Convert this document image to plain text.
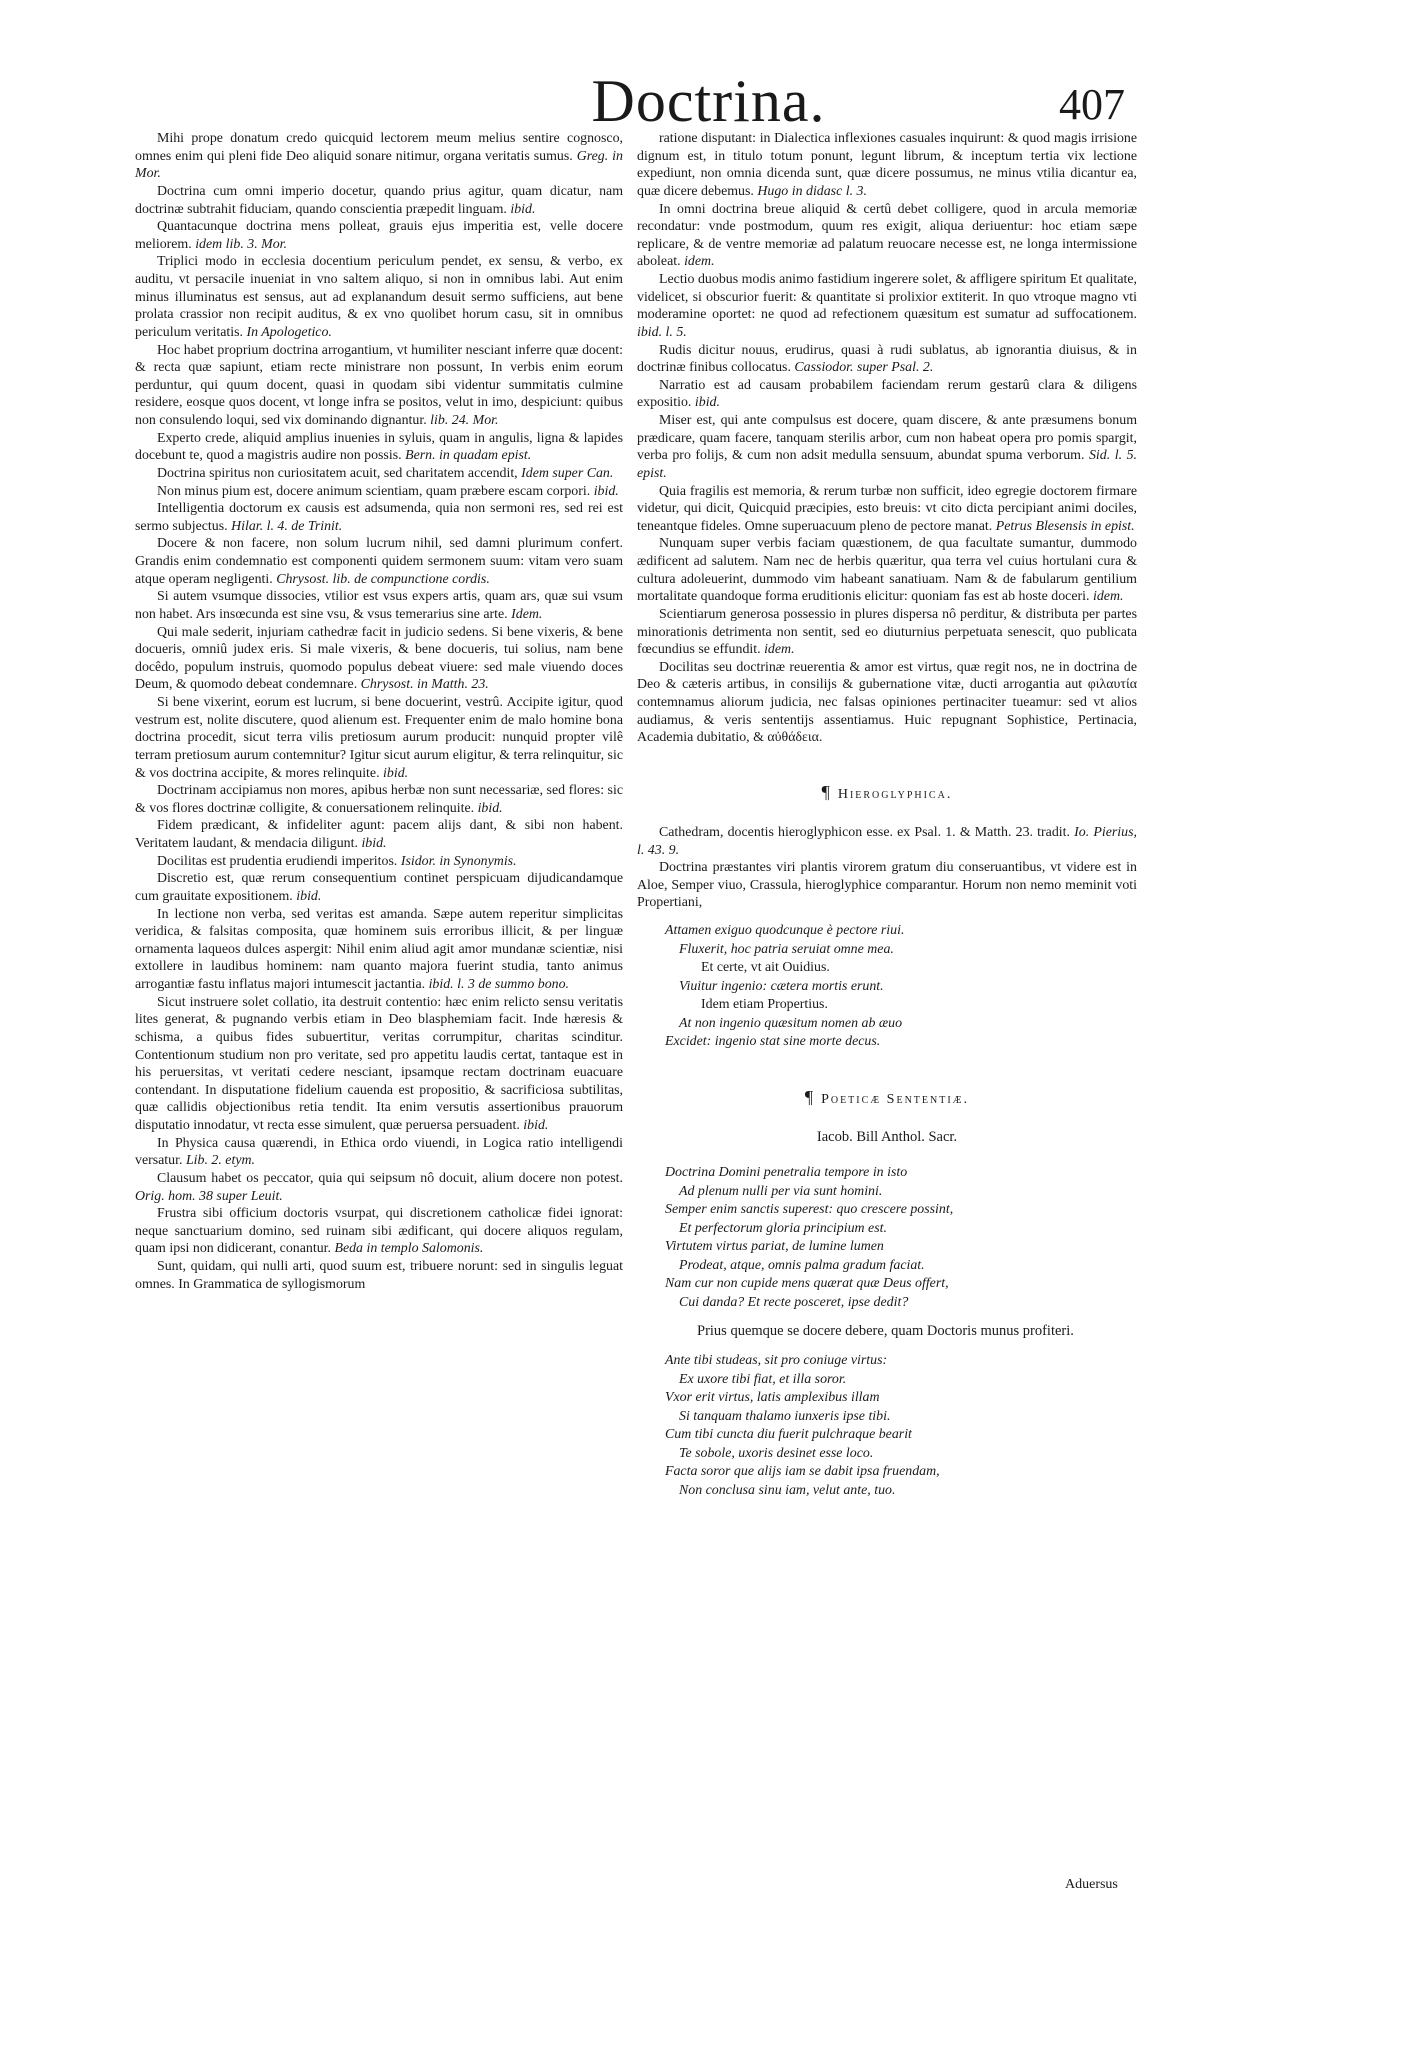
Doctrina.	407

Mihi prope donatum credo quicquid lectorem meum melius sentire cognosco, omnes enim qui pleni fide Deo aliquid sonare nitimur, organa veritatis sumus. Greg. in Mor.

Doctrina cum omni imperio docetur, quando prius agitur, quam dicatur, nam doctrinæ subtrahit fiduciam, quando conscientia præpedit linguam. ibid.

Quantacunque doctrina mens polleat, grauis ejus imperitia est, velle docere meliorem. idem lib. 3. Mor.

Triplici modo in ecclesia docentium periculum pendet, ex sensu, & verbo, ex auditu, vt persacile inueniat in vno saltem aliquo, si non in omnibus labi. Aut enim minus illuminatus est sensus, aut ad explanandum desuit sermo sufficiens, aut bene prolata crassior non recipit auditus, & ex vno quolibet horum casu, sit in omnibus periculum veritatis. In Apologetico.

Hoc habet proprium doctrina arrogantium, vt humiliter nesciant inferre quæ docent: & recta quæ sapiunt, etiam recte ministrare non possunt, In verbis enim eorum perduntur, qui quum docent, quasi in quodam sibi videntur summitatis culmine residere, eosque quos docent, vt longe infra se positos, velut in imo, despiciunt: quibus non consulendo loqui, sed vix dominando dignantur. lib. 24. Mor.

Experto crede, aliquid amplius inuenies in syluis, quam in angulis, ligna & lapides docebunt te, quod a magistris audire non possis. Bern. in quadam epist.

Doctrina spiritus non curiositatem acuit, sed charitatem accendit, Idem super Can.

Non minus pium est, docere animum scientiam, quam præbere escam corpori. ibid.

Intelligentia doctorum ex causis est adsumenda, quia non sermoni res, sed rei est sermo subjectus. Hilar. l. 4. de Trinit.

Docere & non facere, non solum lucrum nihil, sed damni plurimum confert. Grandis enim condemnatio est componenti quidem sermonem suum: vitam vero suam atque operam negligenti. Chrysost. lib. de compunctione cordis.

Si autem vsumque dissocies, vtilior est vsus expers artis, quam ars, quæ sui vsum non habet. Ars insœcunda est sine vsu, & vsus temerarius sine arte. Idem.

Qui male sederit, injuriam cathedræ facit in judicio sedens. Si bene vixeris, & bene docueris, omniû judex eris. Si male vixeris, & bene docueris, tui solius, nam bene docêdo, populum instruis, quomodo populus debeat viuere: sed male viuendo doces Deum, & quomodo debeat condemnare. Chrysost. in Matth. 23.

Si bene vixerint, eorum est lucrum, si bene docuerint, vestrû. Accipite igitur, quod vestrum est, nolite discutere, quod alienum est. Frequenter enim de malo homine bona doctrina procedit, sicut terra vilis pretiosum aurum producit: nunquid propter vilê terram pretiosum aurum contemnitur? Igitur sicut aurum eligitur, & terra relinquitur, sic & vos doctrina accipite, & mores relinquite. ibid.

Doctrinam accipiamus non mores, apibus herbæ non sunt necessariæ, sed flores: sic & vos flores doctrinæ colligite, & conuersationem relinquite. ibid.

Fidem prædicant, & infideliter agunt: pacem alijs dant, & sibi non habent. Veritatem laudant, & mendacia diligunt. ibid.

Docilitas est prudentia erudiendi imperitos. Isidor. in Synonymis.

Discretio est, quæ rerum consequentium continet perspicuam dijudicandamque cum grauitate expositionem. ibid.

In lectione non verba, sed veritas est amanda. Sæpe autem reperitur simplicitas veridica, & falsitas composita, quæ hominem suis erroribus illicit, & per linguæ ornamenta laqueos dulces aspergit: Nihil enim aliud agit amor mundanæ scientiæ, nisi extollere in laudibus hominem: nam quanto majora fuerint studia, tanto animus arrogantiæ fastu inflatus majori intumescit jactantia. ibid. l. 3 de summo bono.

Sicut instruere solet collatio, ita destruit contentio: hæc enim relicto sensu veritatis lites generat, & pugnando verbis etiam in Deo blasphemiam facit. Inde hæresis & schisma, a quibus fides subuertitur, veritas corrumpitur, charitas scinditur. Contentionum studium non pro veritate, sed pro appetitu laudis certat, tantaque est in his peruersitas, vt veritati cedere nesciant, ipsamque rectam doctrinam euacuare contendant. In disputatione fidelium cauenda est propositio, & sacrificiosa subtilitas, quæ callidis objectionibus retia tendit. Ita enim versutis assertionibus prauorum disputatio innodatur, vt recta esse simulent, quæ peruersa persuadent. ibid.

In Physica causa quærendi, in Ethica ordo viuendi, in Logica ratio intelligendi versatur. Lib. 2. etym.

Clausum habet os peccator, quia qui seipsum nô docuit, alium docere non potest. Orig. hom. 38 super Leuit.

Frustra sibi officium doctoris vsurpat, qui discretionem catholicæ fidei ignorat: neque sanctuarium domino, sed ruinam sibi ædificant, qui docere aliquos regulam, quam ipsi non didicerant, conantur. Beda in templo Salomonis.

Sunt, quidam, qui nulli arti, quod suum est, tribuere norunt: sed in singulis leguat omnes. In Grammatica de syllogismorum

ratione disputant: in Dialectica inflexiones casuales inquirunt: & quod magis irrisione dignum est, in titulo totum ponunt, legunt librum, & inceptum tertia vix lectione expediunt, non omnia dicenda sunt, quæ dicere possumus, ne minus vtilia dicantur ea, quæ dicere debemus. Hugo in didasc l. 3.

In omni doctrina breue aliquid & certû debet colligere, quod in arcula memoriæ recondatur: vnde postmodum, quum res exigit, aliqua deriuentur: hoc etiam sæpe replicare, & de ventre memoriæ ad palatum reuocare necesse est, ne longa intermissione aboleat. idem.

Lectio duobus modis animo fastidium ingerere solet, & affligere spiritum Et qualitate, videlicet, si obscurior fuerit: & quantitate si prolixior extiterit. In quo vtroque magno vti moderamine oportet: ne quod ad refectionem quæsitum est sumatur ad suffocationem. ibid. l. 5.

Rudis dicitur nouus, erudirus, quasi à rudi sublatus, ab ignorantia diuisus, & in doctrinæ finibus collocatus. Cassiodor. super Psal. 2.

Narratio est ad causam probabilem faciendam rerum gestarû clara & diligens expositio. ibid.

Miser est, qui ante compulsus est docere, quam discere, & ante præsumens bonum prædicare, quam facere, tanquam sterilis arbor, cum non habeat opera pro pomis spargit, verba pro folijs, & cum non adsit medulla sensuum, abundat spuma verborum. Sid. l. 5. epist.

Quia fragilis est memoria, & rerum turbæ non sufficit, ideo egregie doctorem firmare videtur, qui dicit, Quicquid præcipies, esto breuis: vt cito dicta percipiant animi dociles, teneantque fideles. Omne superuacuum pleno de pectore manat. Petrus Blesensis in epist.

Nunquam super verbis faciam quæstionem, de qua facultate sumantur, dummodo ædificent ad salutem. Nam nec de herbis quæritur, qua terra vel cuius hortulani cura & cultura adoleuerint, dummodo vim habeant sanatiuam. Nam & de fabularum gentilium mortalitate quandoque forma eruditionis elicitur: quoniam fas est ab hoste doceri. idem.

Scientiarum generosa possessio in plures dispersa nô perditur, & distributa per partes minorationis detrimenta non sentit, sed eo diuturnius perpetuata senescit, quo publicata fœcundius se effundit. idem.

Docilitas seu doctrinæ reuerentia & amor est virtus, quæ regit nos, ne in doctrina de Deo & cæteris artibus, in consilijs & gubernatione vitæ, ducti arrogantia aut φιλαυτία contemnamus aliorum judicia, nec falsas opiniones pertinaciter tueamur: sed vt alios audiamus, & veris sententijs assentiamus. Huic repugnant Sophistice, Pertinacia, Academia dubitatio, & αὐθάδεια.

¶ Hieroglyphica.

Cathedram, docentis hieroglyphicon esse. ex Psal. 1. & Matth. 23. tradit. Io. Pierius, l. 43. 9.

Doctrina præstantes viri plantis virorem gratum diu conseruantibus, vt videre est in Aloe, Semper viuo, Crassula, hieroglyphice comparantur. Horum non nemo meminit voti Propertiani,

Attamen exiguo quodcunque è pectore riui.
Fluxerit, hoc patria seruiat omne mea.
Et certe, vt ait Ouidius.
Viuitur ingenio: cætera mortis erunt.
Idem etiam Propertius.
At non ingenio quæsitum nomen ab æuo
Excidet: ingenio stat sine morte decus.
¶ Poeticæ Sententiæ.
Iacob. Bill Anthol. Sacr.
Doctrina Domini penetralia tempore in isto
Ad plenum nulli per via sunt homini.
Semper enim sanctis superest: quo crescere possint,
Et perfectorum gloria principium est.
Virtutem virtus pariat, de lumine lumen
Prodeat, atque, omnis palma gradum faciat.
Nam cur non cupide mens quærat quæ Deus offert,
Cui danda? Et recte posceret, ipse dedit?
Prius quemque se docere debere, quam Doctoris munus profiteri.
Ante tibi studeas, sit pro coniuge virtus:
Ex uxore tibi fiat, et illa soror.
Vxor erit virtus, latis amplexibus illam
Si tanquam thalamo iunxeris ipse tibi.
Cum tibi cuncta diu fuerit pulchraque bearit
Te sobole, uxoris desinet esse loco.
Facta soror que alijs iam se dabit ipsa fruendam,
Non conclusa sinu iam, velut ante, tuo.
Aduersus
